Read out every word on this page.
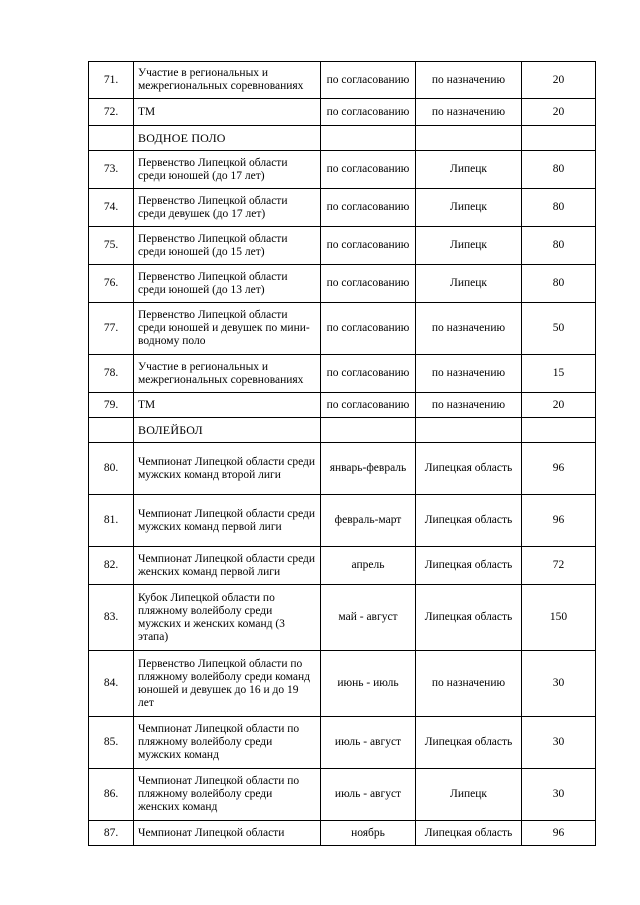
71.	Участие в региональных и межрегиональных соревнованиях	по согласованию	по назначению	20
72.	ТМ	по согласованию	по назначению	20
	ВОДНОЕ ПОЛО			
73.	Первенство Липецкой области среди юношей (до 17 лет)	по согласованию	Липецк	80
74.	Первенство Липецкой области среди девушек (до 17 лет)	по согласованию	Липецк	80
75.	Первенство Липецкой области среди юношей (до 15 лет)	по согласованию	Липецк	80
76.	Первенство Липецкой области среди юношей (до 13 лет)	по согласованию	Липецк	80
77.	Первенство Липецкой области среди юношей и девушек по мини-водному поло	по согласованию	по назначению	50
78.	Участие в региональных и межрегиональных соревнованиях	по согласованию	по назначению	15
79.	ТМ	по согласованию	по назначению	20
	ВОЛЕЙБОЛ			
80.	Чемпионат Липецкой области среди мужских команд второй лиги	январь-февраль	Липецкая область	96
81.	Чемпионат Липецкой области среди мужских команд первой лиги	февраль-март	Липецкая область	96
82.	Чемпионат Липецкой области среди женских команд первой лиги	апрель	Липецкая область	72
83.	Кубок Липецкой области по пляжному волейболу среди мужских и женских команд (3 этапа)	май - август	Липецкая область	150
84.	Первенство Липецкой области по пляжному волейболу среди команд юношей и девушек до 16 и до 19 лет	июнь - июль	по назначению	30
85.	Чемпионат Липецкой области по пляжному волейболу среди мужских команд	июль - август	Липецкая область	30
86.	Чемпионат Липецкой области по пляжному волейболу среди женских команд	июль - август	Липецк	30
87.	Чемпионат Липецкой области	ноябрь	Липецкая область	96
